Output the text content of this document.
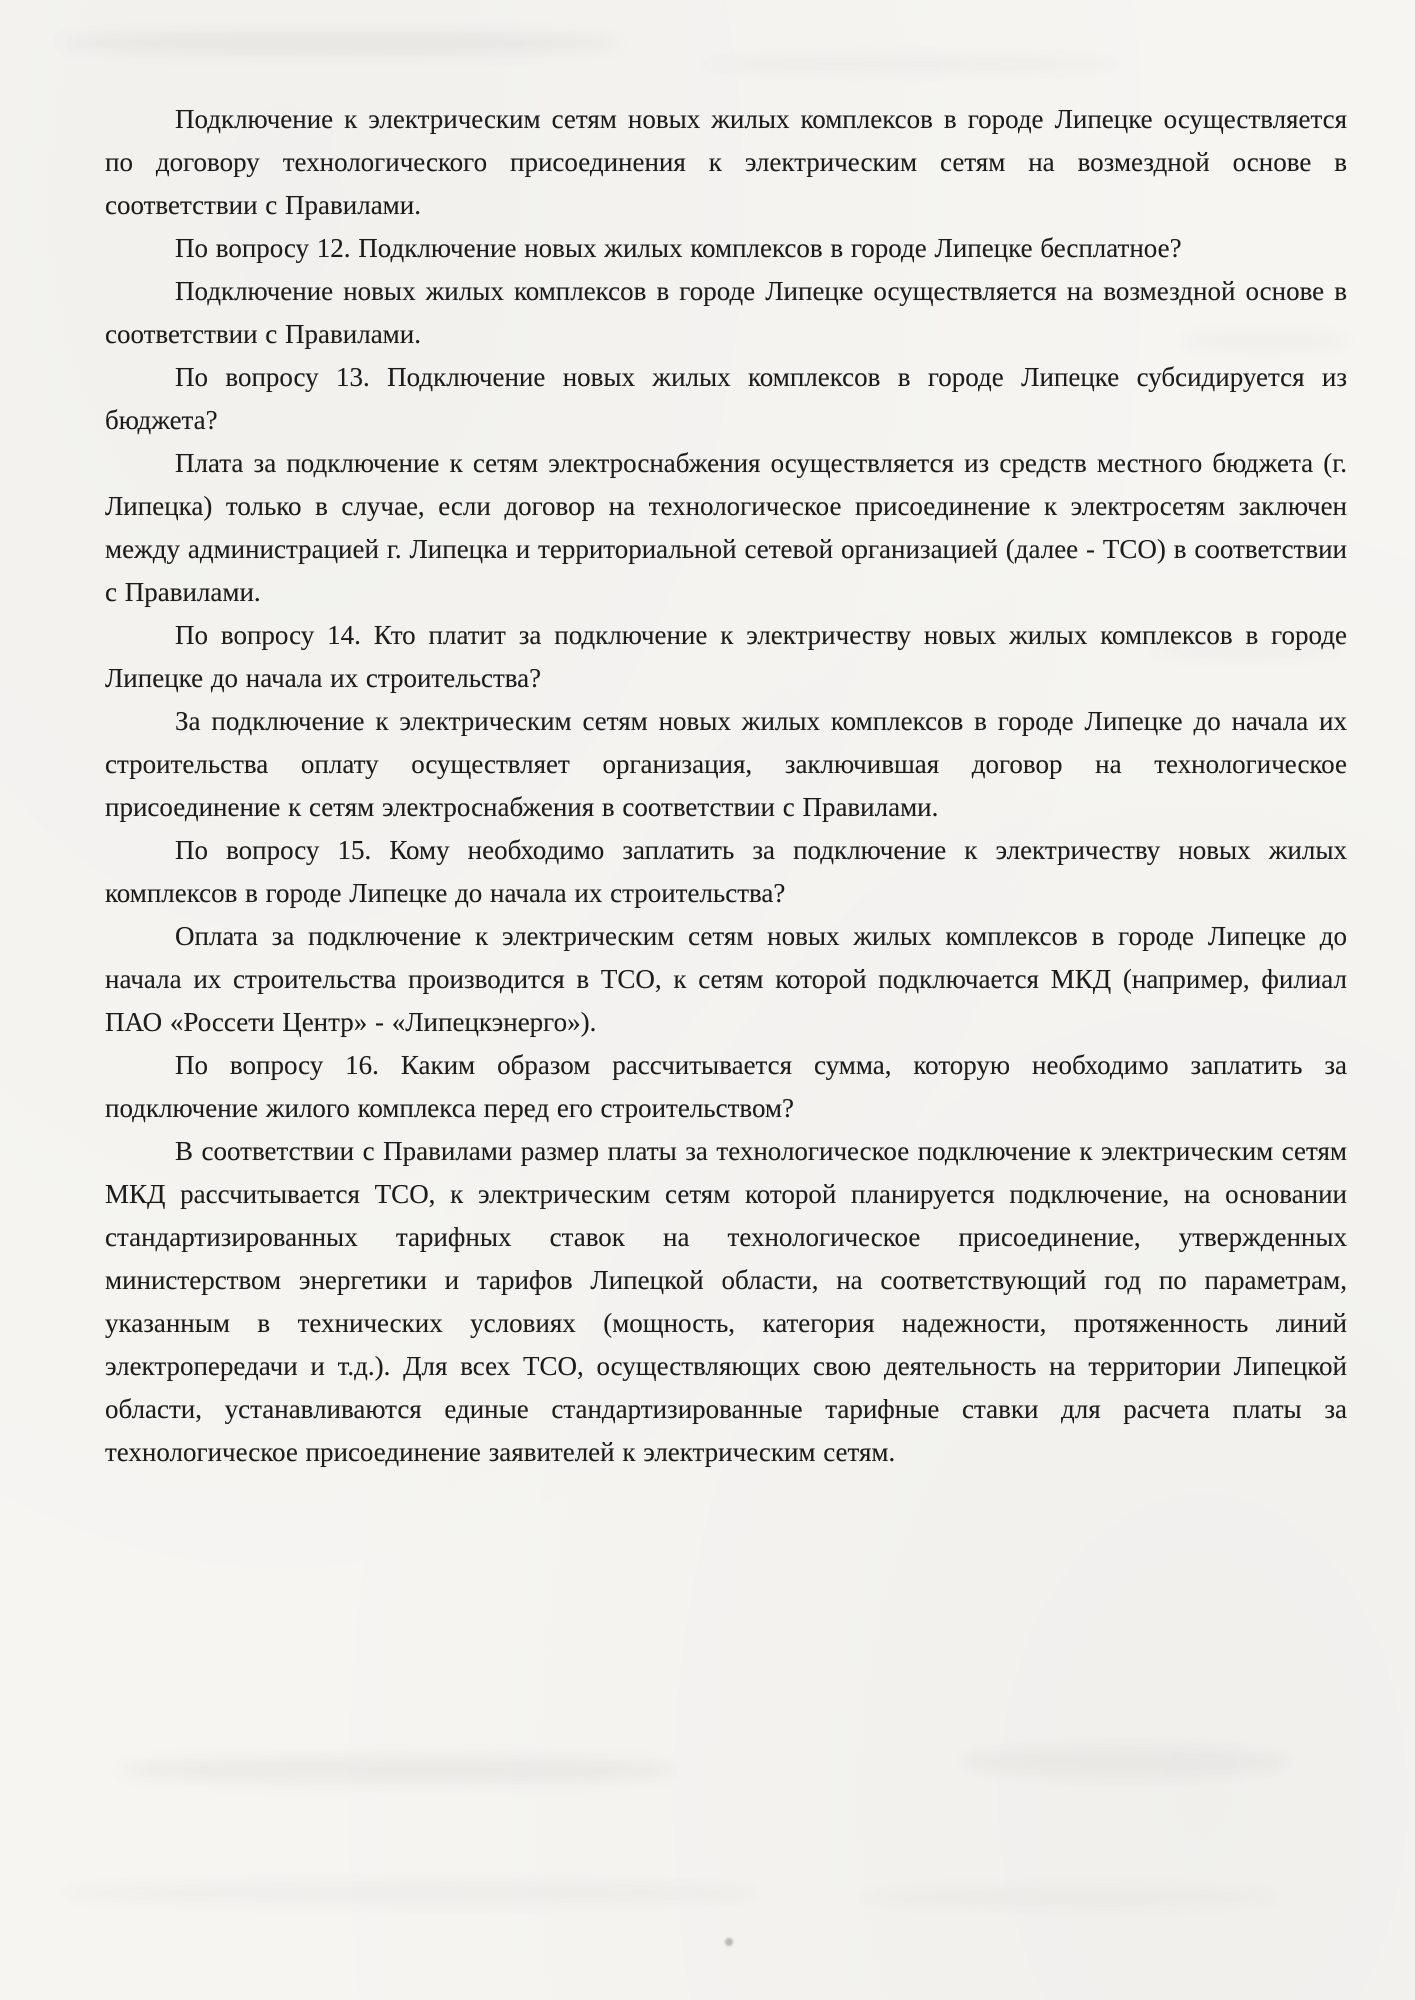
Подключение к электрическим сетям новых жилых комплексов в городе Липецке осуществляется по договору технологического присоединения к электрическим сетям на возмездной основе в соответствии с Правилами.

По вопросу 12. Подключение новых жилых комплексов в городе Липецке бесплатное?

Подключение новых жилых комплексов в городе Липецке осуществляется на возмездной основе в соответствии с Правилами.

По вопросу 13. Подключение новых жилых комплексов в городе Липецке субсидируется из бюджета?

Плата за подключение к сетям электроснабжения осуществляется из средств местного бюджета (г. Липецка) только в случае, если договор на технологическое присоединение к электросетям заключен между администрацией г. Липецка и территориальной сетевой организацией (далее - ТСО) в соответствии с Правилами.

По вопросу 14. Кто платит за подключение к электричеству новых жилых комплексов в городе Липецке до начала их строительства?

За подключение к электрическим сетям новых жилых комплексов в городе Липецке до начала их строительства оплату осуществляет организация, заключившая договор на технологическое присоединение к сетям электроснабжения в соответствии с Правилами.

По вопросу 15. Кому необходимо заплатить за подключение к электричеству новых жилых комплексов в городе Липецке до начала их строительства?

Оплата за подключение к электрическим сетям новых жилых комплексов в городе Липецке до начала их строительства производится в ТСО, к сетям которой подключается МКД (например, филиал ПАО «Россети Центр» - «Липецкэнерго»).

По вопросу 16. Каким образом рассчитывается сумма, которую необходимо заплатить за подключение жилого комплекса перед его строительством?

В соответствии с Правилами размер платы за технологическое подключение к электрическим сетям МКД рассчитывается ТСО, к электрическим сетям которой планируется подключение, на основании стандартизированных тарифных ставок на технологическое присоединение, утвержденных министерством энергетики и тарифов Липецкой области, на соответствующий год по параметрам, указанным в технических условиях (мощность, категория надежности, протяженность линий электропередачи и т.д.). Для всех ТСО, осуществляющих свою деятельность на территории Липецкой области, устанавливаются единые стандартизированные тарифные ставки для расчета платы за технологическое присоединение заявителей к электрическим сетям.
